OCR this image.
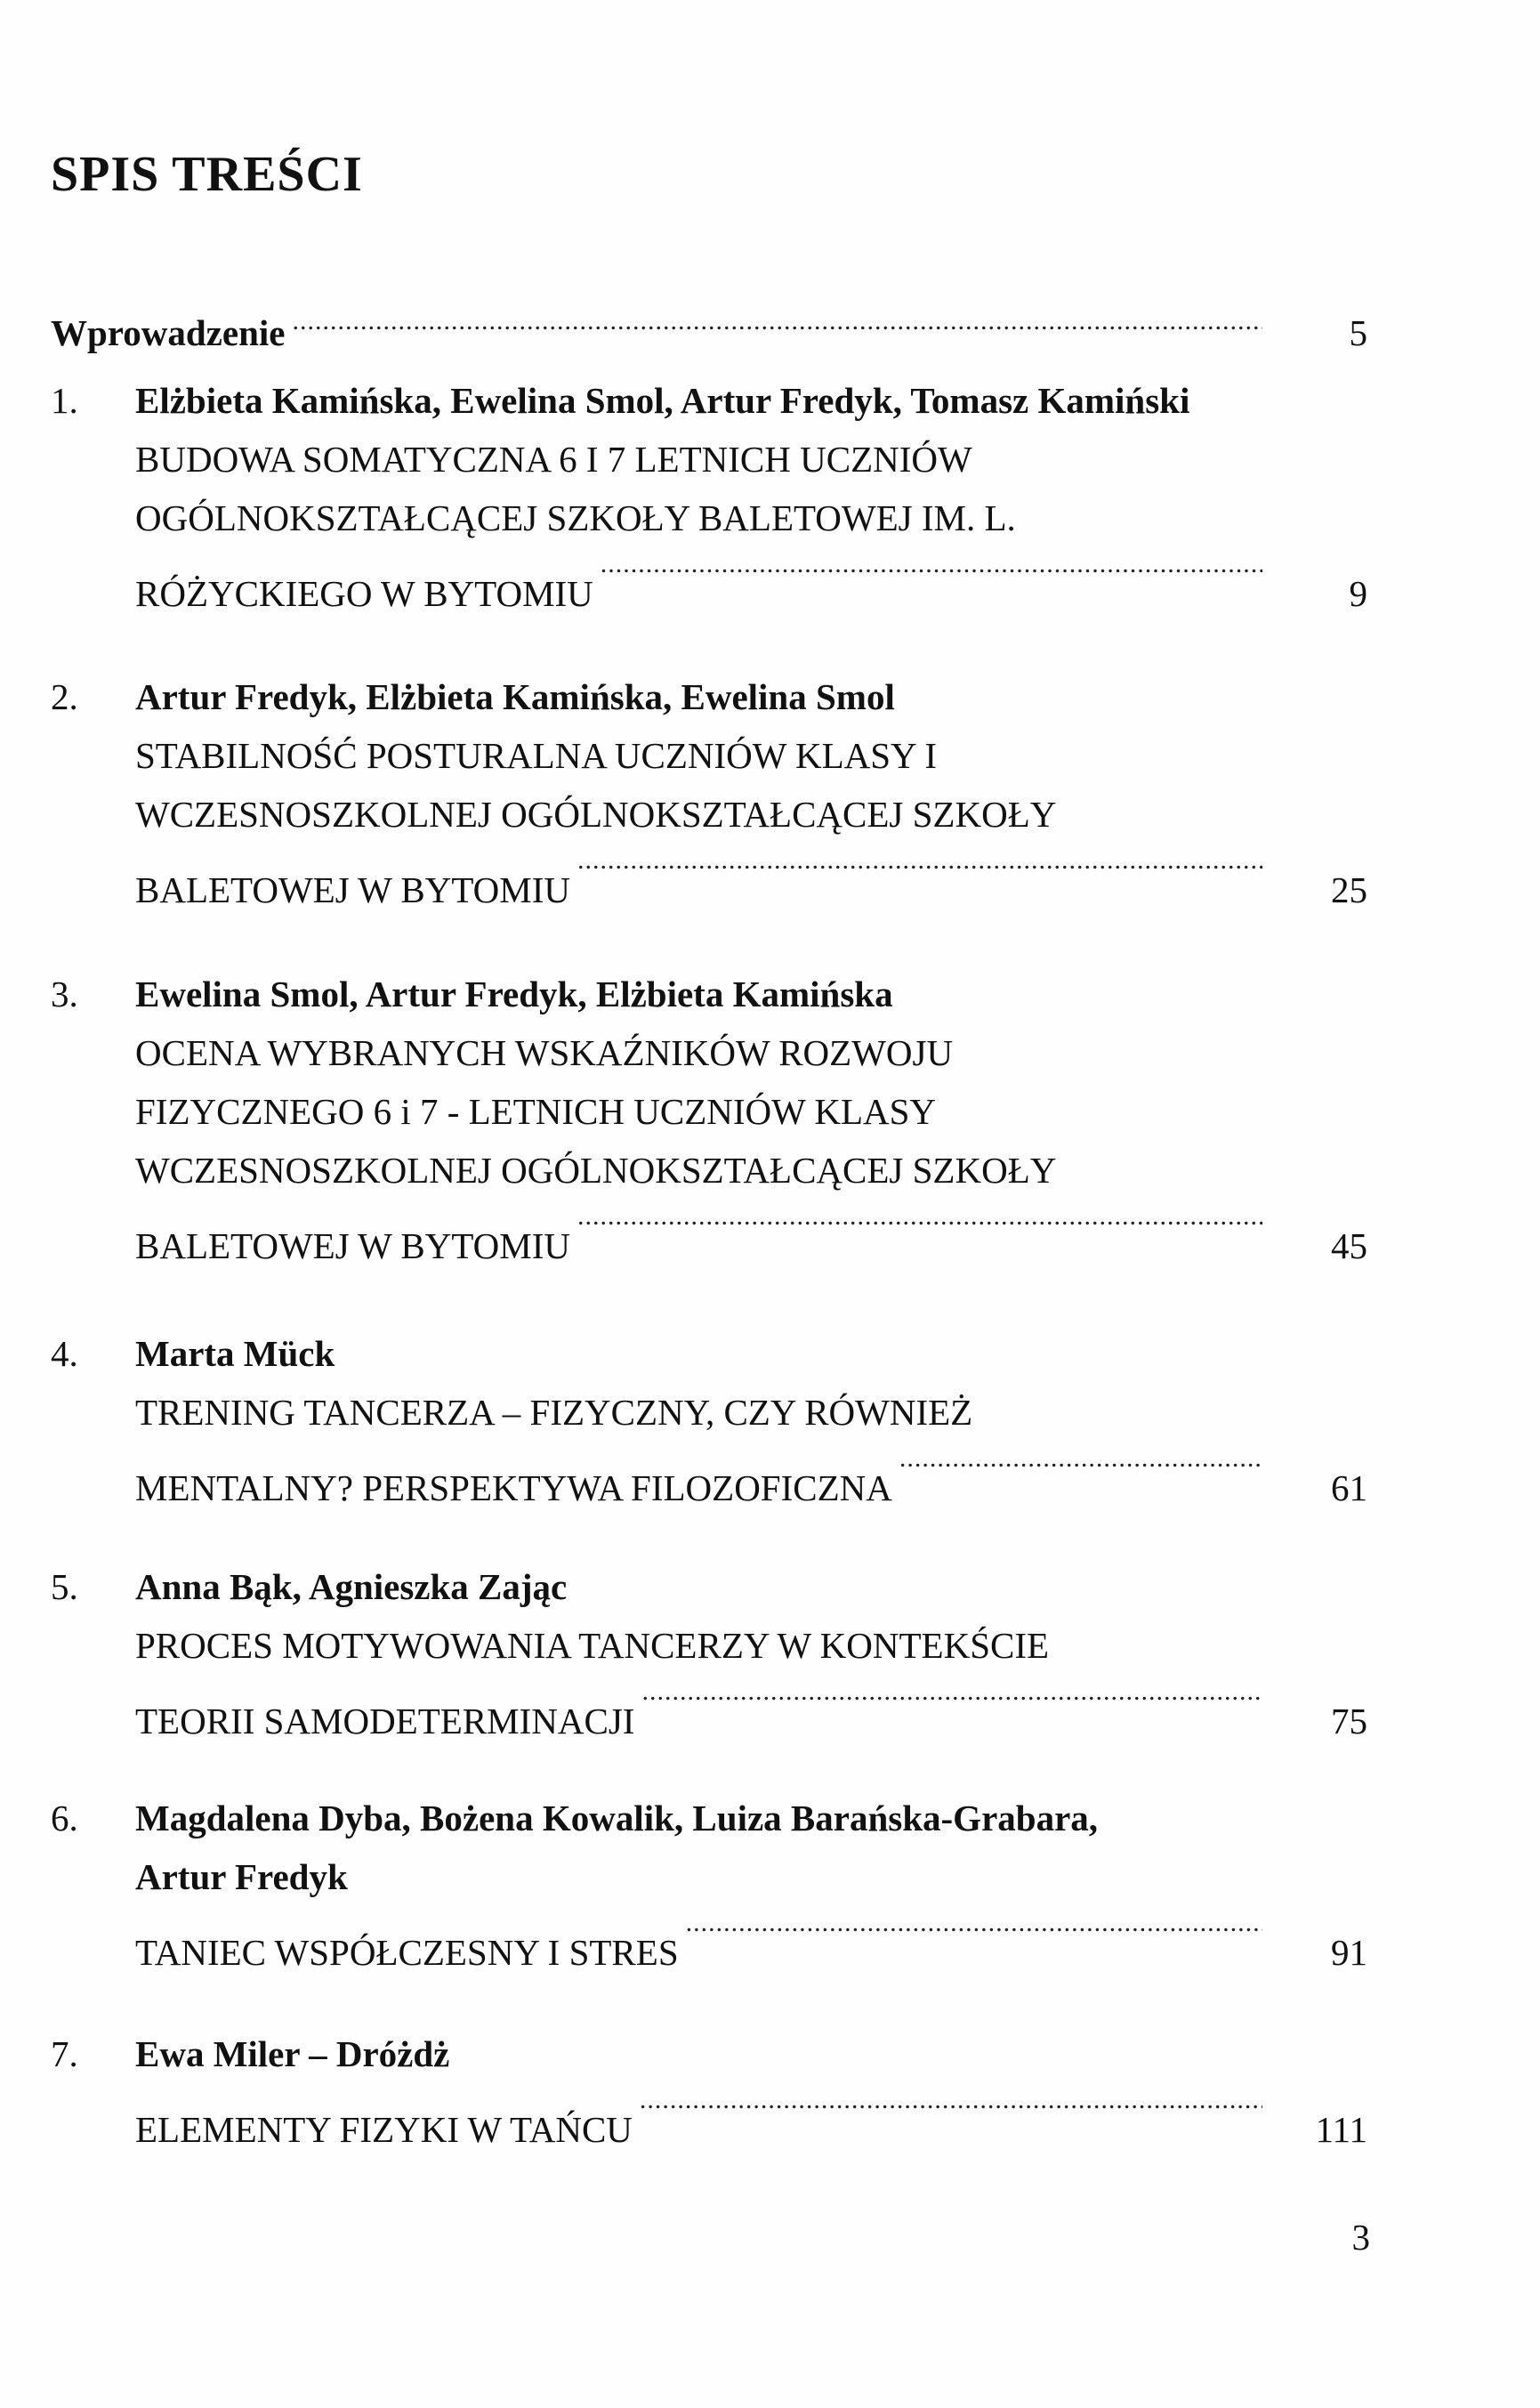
SPIS TREŚCI
Wprowadzenie .....	5
1. Elżbieta Kamińska, Ewelina Smol, Artur Fredyk, Tomasz Kamiński
BUDOWA SOMATYCZNA 6 I 7 LETNICH UCZNIÓW
OGÓLNOKSZTAŁCĄCEJ SZKOŁY BALETOWEJ IM. L.
RÓŻYCKIEGO W BYTOMIU .....	9
2. Artur Fredyk, Elżbieta Kamińska, Ewelina Smol
STABILNOŚĆ POSTURALNA UCZNIÓW KLASY I
WCZESNOSZKOLNEJ OGÓLNOKSZTAŁCĄCEJ SZKOŁY
BALETOWEJ W BYTOMIU .....	25
3. Ewelina Smol, Artur Fredyk, Elżbieta Kamińska
OCENA WYBRANYCH WSKAŹNIKÓW ROZWOJU
FIZYCZNEGO 6 i 7 - LETNICH UCZNIÓW KLASY
WCZESNOSZKOLNEJ OGÓLNOKSZTAŁCĄCEJ SZKOŁY
BALETOWEJ W BYTOMIU .....	45
4. Marta Mück
TRENING TANCERZA – FIZYCZNY, CZY RÓWNIEŻ
MENTALNY? PERSPEKTYWA FILOZOFICZNA .....	61
5. Anna Bąk, Agnieszka Zając
PROCES MOTYWOWANIA TANCERZY W KONTEKŚCIE
TEORII SAMODETERMINACJI .....	75
6. Magdalena Dyba, Bożena Kowalik, Luiza Barańska-Grabara,
Artur Fredyk
TANIEC WSPÓŁCZESNY I STRES .....	91
7. Ewa Miler – Dróżdż
ELEMENTY FIZYKI W TAŃCU .....	111
3
